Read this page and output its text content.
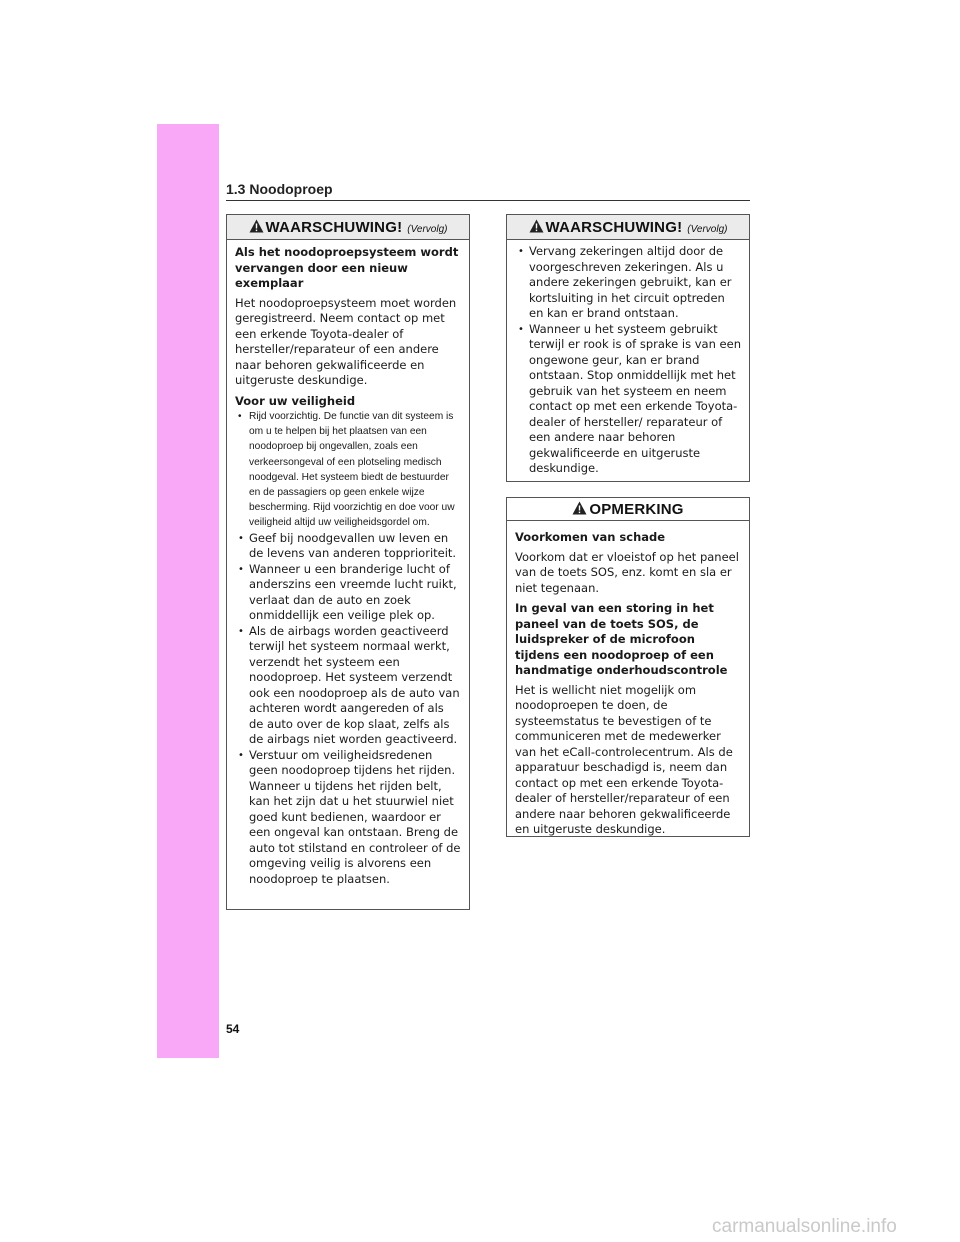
1.3 Noodoproep
WAARSCHUWING! (Vervolg)
Als het noodoproepsysteem wordt vervangen door een nieuw exemplaar
Het noodoproepsysteem moet worden geregistreerd. Neem contact op met een erkende Toyota-dealer of hersteller/reparateur of een andere naar behoren gekwalificeerde en uitgeruste deskundige.
Voor uw veiligheid
• Rijd voorzichtig. De functie van dit systeem is om u te helpen bij het plaatsen van een noodoproep bij ongevallen, zoals een verkeersongeval of een plotseling medisch noodgeval. Het systeem biedt de bestuurder en de passagiers op geen enkele wijze bescherming. Rijd voorzichtig en doe voor uw veiligheid altijd uw veiligheidsgordel om.
• Geef bij noodgevallen uw leven en de levens van anderen topprioriteit.
• Wanneer u een branderige lucht of anderszins een vreemde lucht ruikt, verlaat dan de auto en zoek onmiddellijk een veilige plek op.
• Als de airbags worden geactiveerd terwijl het systeem normaal werkt, verzendt het systeem een noodoproep. Het systeem verzendt ook een noodoproep als de auto van achteren wordt aangereden of als de auto over de kop slaat, zelfs als de airbags niet worden geactiveerd.
• Verstuur om veiligheidsredenen geen noodoproep tijdens het rijden. Wanneer u tijdens het rijden belt, kan het zijn dat u het stuurwiel niet goed kunt bedienen, waardoor er een ongeval kan ontstaan. Breng de auto tot stilstand en controleer of de omgeving veilig is alvorens een noodoproep te plaatsen.
WAARSCHUWING! (Vervolg)
• Vervang zekeringen altijd door de voorgeschreven zekeringen. Als u andere zekeringen gebruikt, kan er kortsluiting in het circuit optreden en kan er brand ontstaan.
• Wanneer u het systeem gebruikt terwijl er rook is of sprake is van een ongewone geur, kan er brand ontstaan. Stop onmiddellijk met het gebruik van het systeem en neem contact op met een erkende Toyota-dealer of hersteller/ reparateur of een andere naar behoren gekwalificeerde en uitgeruste deskundige.
OPMERKING
Voorkomen van schade
Voorkom dat er vloeistof op het paneel van de toets SOS, enz. komt en sla er niet tegenaan.
In geval van een storing in het paneel van de toets SOS, de luidspreker of de microfoon tijdens een noodoproep of een handmatige onderhoudscontrole
Het is wellicht niet mogelijk om noodoproepen te doen, de systeemstatus te bevestigen of te communiceren met de medewerker van het eCall-controlecentrum. Als de apparatuur beschadigd is, neem dan contact op met een erkende Toyota-dealer of hersteller/reparateur of een andere naar behoren gekwalificeerde en uitgeruste deskundige.
54
carmanualsonline.info
